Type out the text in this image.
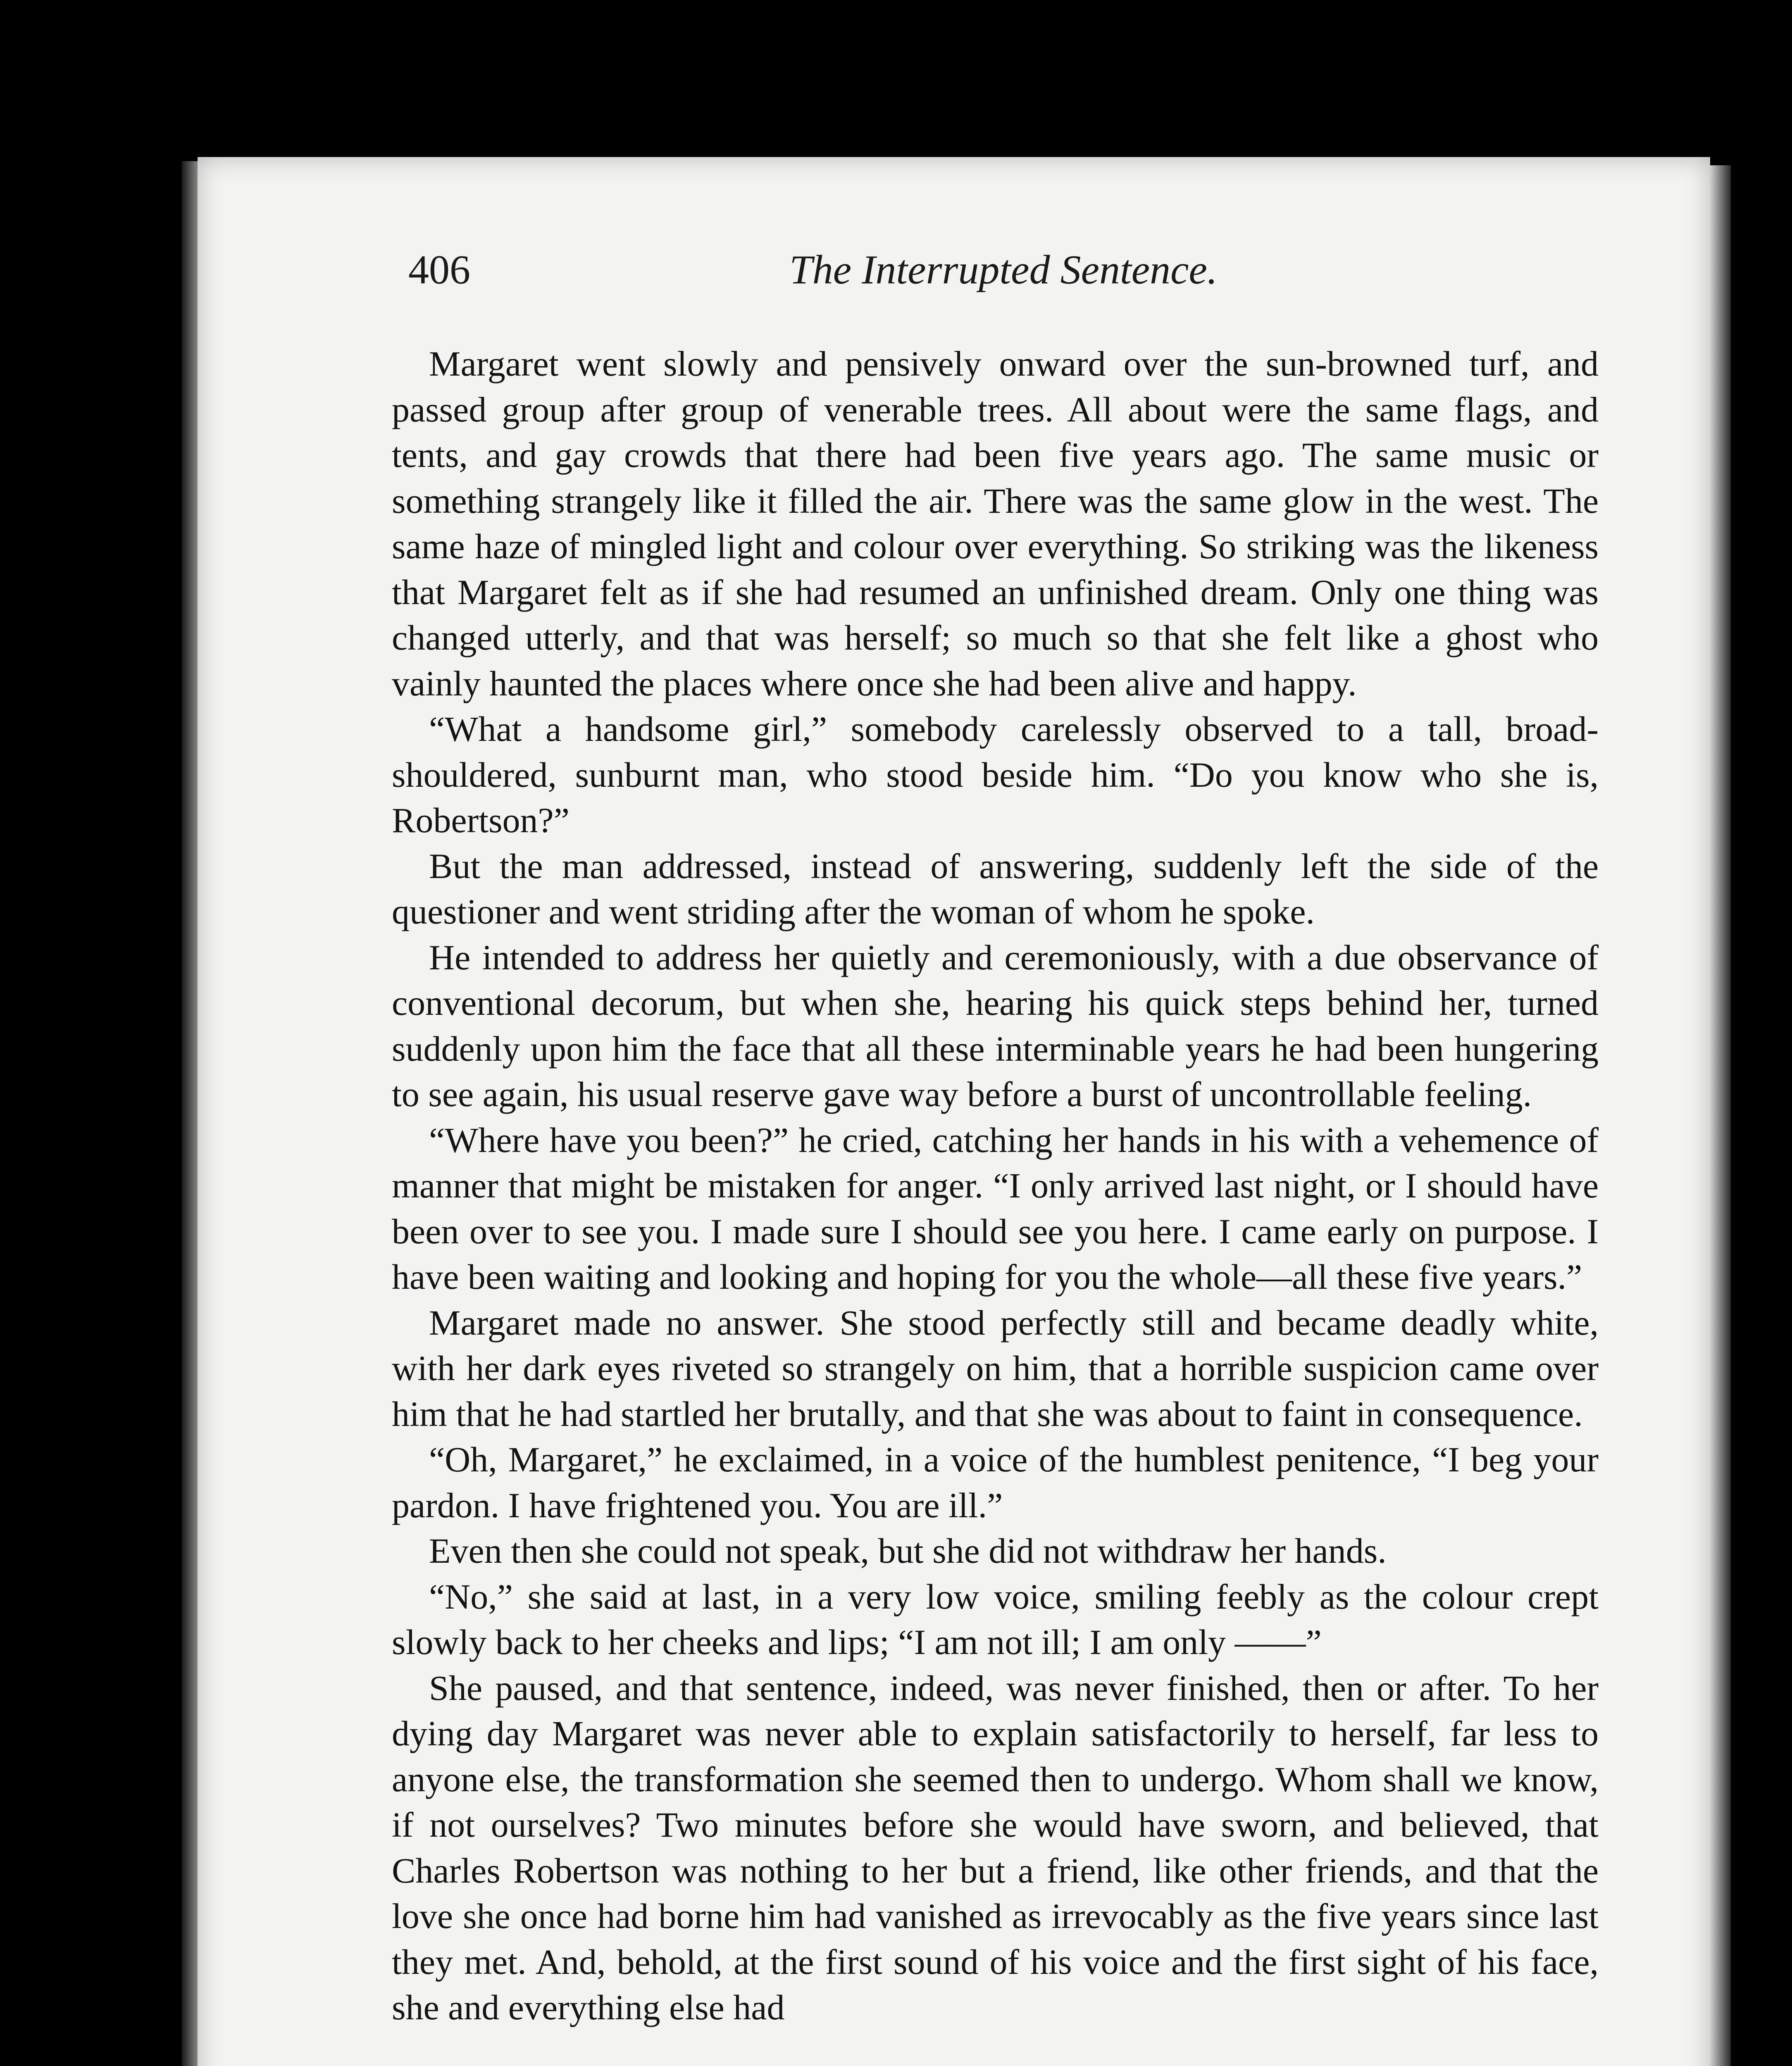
406	The Interrupted Sentence.

Margaret went slowly and pensively onward over the sun-browned turf, and passed group after group of venerable trees. All about were the same flags, and tents, and gay crowds that there had been five years ago. The same music or something strangely like it filled the air. There was the same glow in the west. The same haze of mingled light and colour over everything. So striking was the likeness that Margaret felt as if she had resumed an unfinished dream. Only one thing was changed utterly, and that was herself; so much so that she felt like a ghost who vainly haunted the places where once she had been alive and happy.

“What a handsome girl,” somebody carelessly observed to a tall, broad-shouldered, sunburnt man, who stood beside him. “Do you know who she is, Robertson?”

But the man addressed, instead of answering, suddenly left the side of the questioner and went striding after the woman of whom he spoke.

He intended to address her quietly and ceremoniously, with a due observance of conventional decorum, but when she, hearing his quick steps behind her, turned suddenly upon him the face that all these interminable years he had been hungering to see again, his usual reserve gave way before a burst of uncontrollable feeling.

“Where have you been?” he cried, catching her hands in his with a vehemence of manner that might be mistaken for anger. “I only arrived last night, or I should have been over to see you. I made sure I should see you here. I came early on purpose. I have been waiting and looking and hoping for you the whole—all these five years.”

Margaret made no answer. She stood perfectly still and became deadly white, with her dark eyes riveted so strangely on him, that a horrible suspicion came over him that he had startled her brutally, and that she was about to faint in consequence.

“Oh, Margaret,” he exclaimed, in a voice of the humblest penitence, “I beg your pardon. I have frightened you. You are ill.”

Even then she could not speak, but she did not withdraw her hands.

“No,” she said at last, in a very low voice, smiling feebly as the colour crept slowly back to her cheeks and lips; “I am not ill; I am only ——”

She paused, and that sentence, indeed, was never finished, then or after. To her dying day Margaret was never able to explain satisfactorily to herself, far less to anyone else, the transformation she seemed then to undergo. Whom shall we know, if not ourselves? Two minutes before she would have sworn, and believed, that Charles Robertson was nothing to her but a friend, like other friends, and that the love she once had borne him had vanished as irrevocably as the five years since last they met. And, behold, at the first sound of his voice and the first sight of his face, she and everything else had
